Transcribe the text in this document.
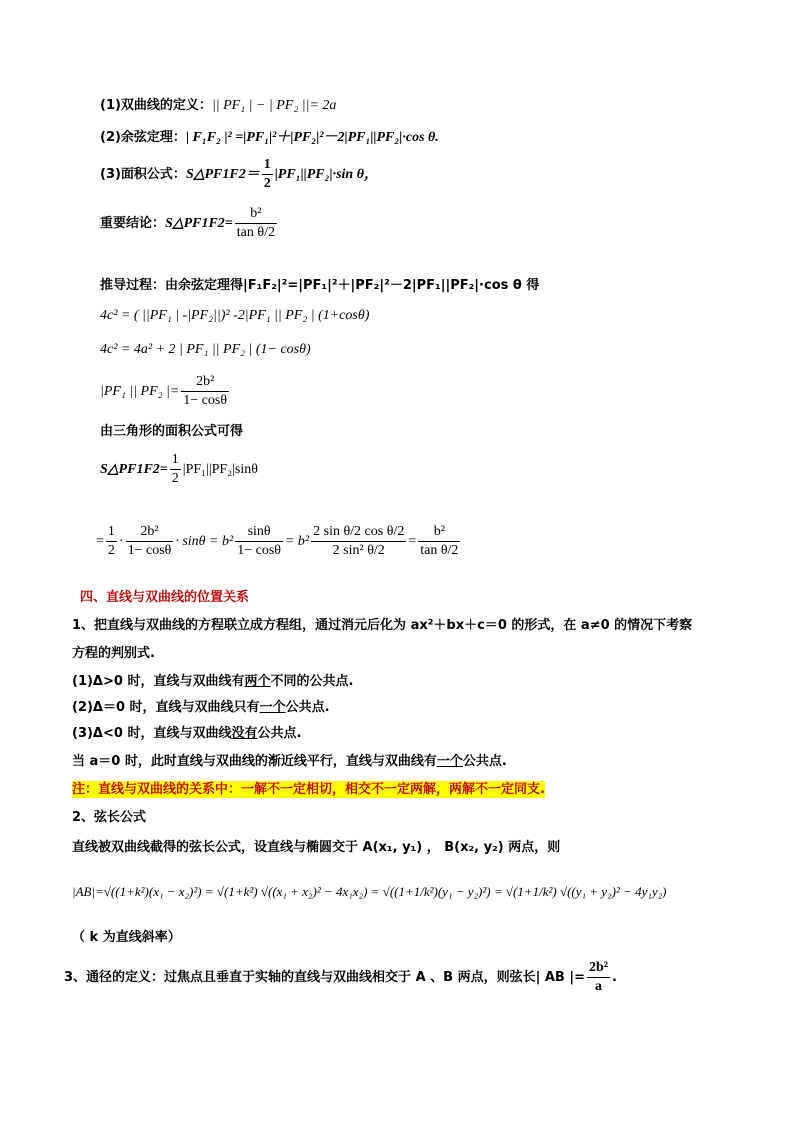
(1)双曲线的定义：|| PF₁ | − | PF₂ ||= 2a
(2)余弦定理：| F₁F₂ |² =|PF₁|²＋|PF₂|²－2|PF₁||PF₂|·cos θ.
(3)面积公式：S△PF1F2＝ $\frac{1}{2} |PF_1||PF_2|\cdot\sin$ θ，
重要结论：S△PF1F2= $\frac{\text{b²}}{\text{tan θ/2}}$
推导过程：由余弦定理得|F₁F₂|²=|PF₁|²＋|PF₂|²－2|PF₁||PF₂|·cos θ 得
4c² = ( ||PF₁ | -|PF₂||)² -2|PF₁ || PF₂ | (1+cosθ)
4c² = 4a² + 2 | PF₁ || PF₂ | (1− cosθ)
|PF₁ || PF₂ |= $\frac{\text{2b²}}{1- \cos\theta}$
由三角形的面积公式可得
S△PF1F2= $\frac{1}{2} |PF_1||PF_2|\sin\theta$
= $\frac{1}{2} \cdot \frac{\text{2b²}}{1- \cos\theta} \cdot \sin\theta = b^2 \frac{\sin\theta}{1- \cos\theta} = b^2 \frac{\text{2 sin θ/2 cos θ/2}}{\text{2 sin² θ/2}} = \frac{\text{b²}}{\text{tan θ/2}}$
四、直线与双曲线的位置关系
1、把直线与双曲线的方程联立成方程组，通过消元后化为 ax²＋bx＋c＝0 的形式，在 a≠0 的情况下考察
方程的判别式.
(1)Δ>0 时，直线与双曲线有两个不同的公共点.
(2)Δ＝0 时，直线与双曲线只有一个公共点.
(3)Δ<0 时，直线与双曲线没有公共点.
当 a＝0 时，此时直线与双曲线的渐近线平行，直线与双曲线有一个公共点.
注：直线与双曲线的关系中：一解不一定相切，相交不一定两解，两解不一定同支.
2、弦长公式
直线被双曲线截得的弦长公式，设直线与椭圆交于 A(x₁, y₁) ， B(x₂, y₂) 两点，则
|AB|=√((1+k²)(x₁ − x₂)²) = √(1+k²) √((x₁ + x₂)² − 4x₁x₂) = √((1+1/k²)(y₁ − y₂)²) = √(1+1/k²) √((y₁ + y₂)² − 4y₁y₂)
（ k 为直线斜率）
3、通径的定义：过焦点且垂直于实轴的直线与双曲线相交于 A 、B 两点，则弦长| AB |= $\frac{\text{2b²}}{a}$ .
